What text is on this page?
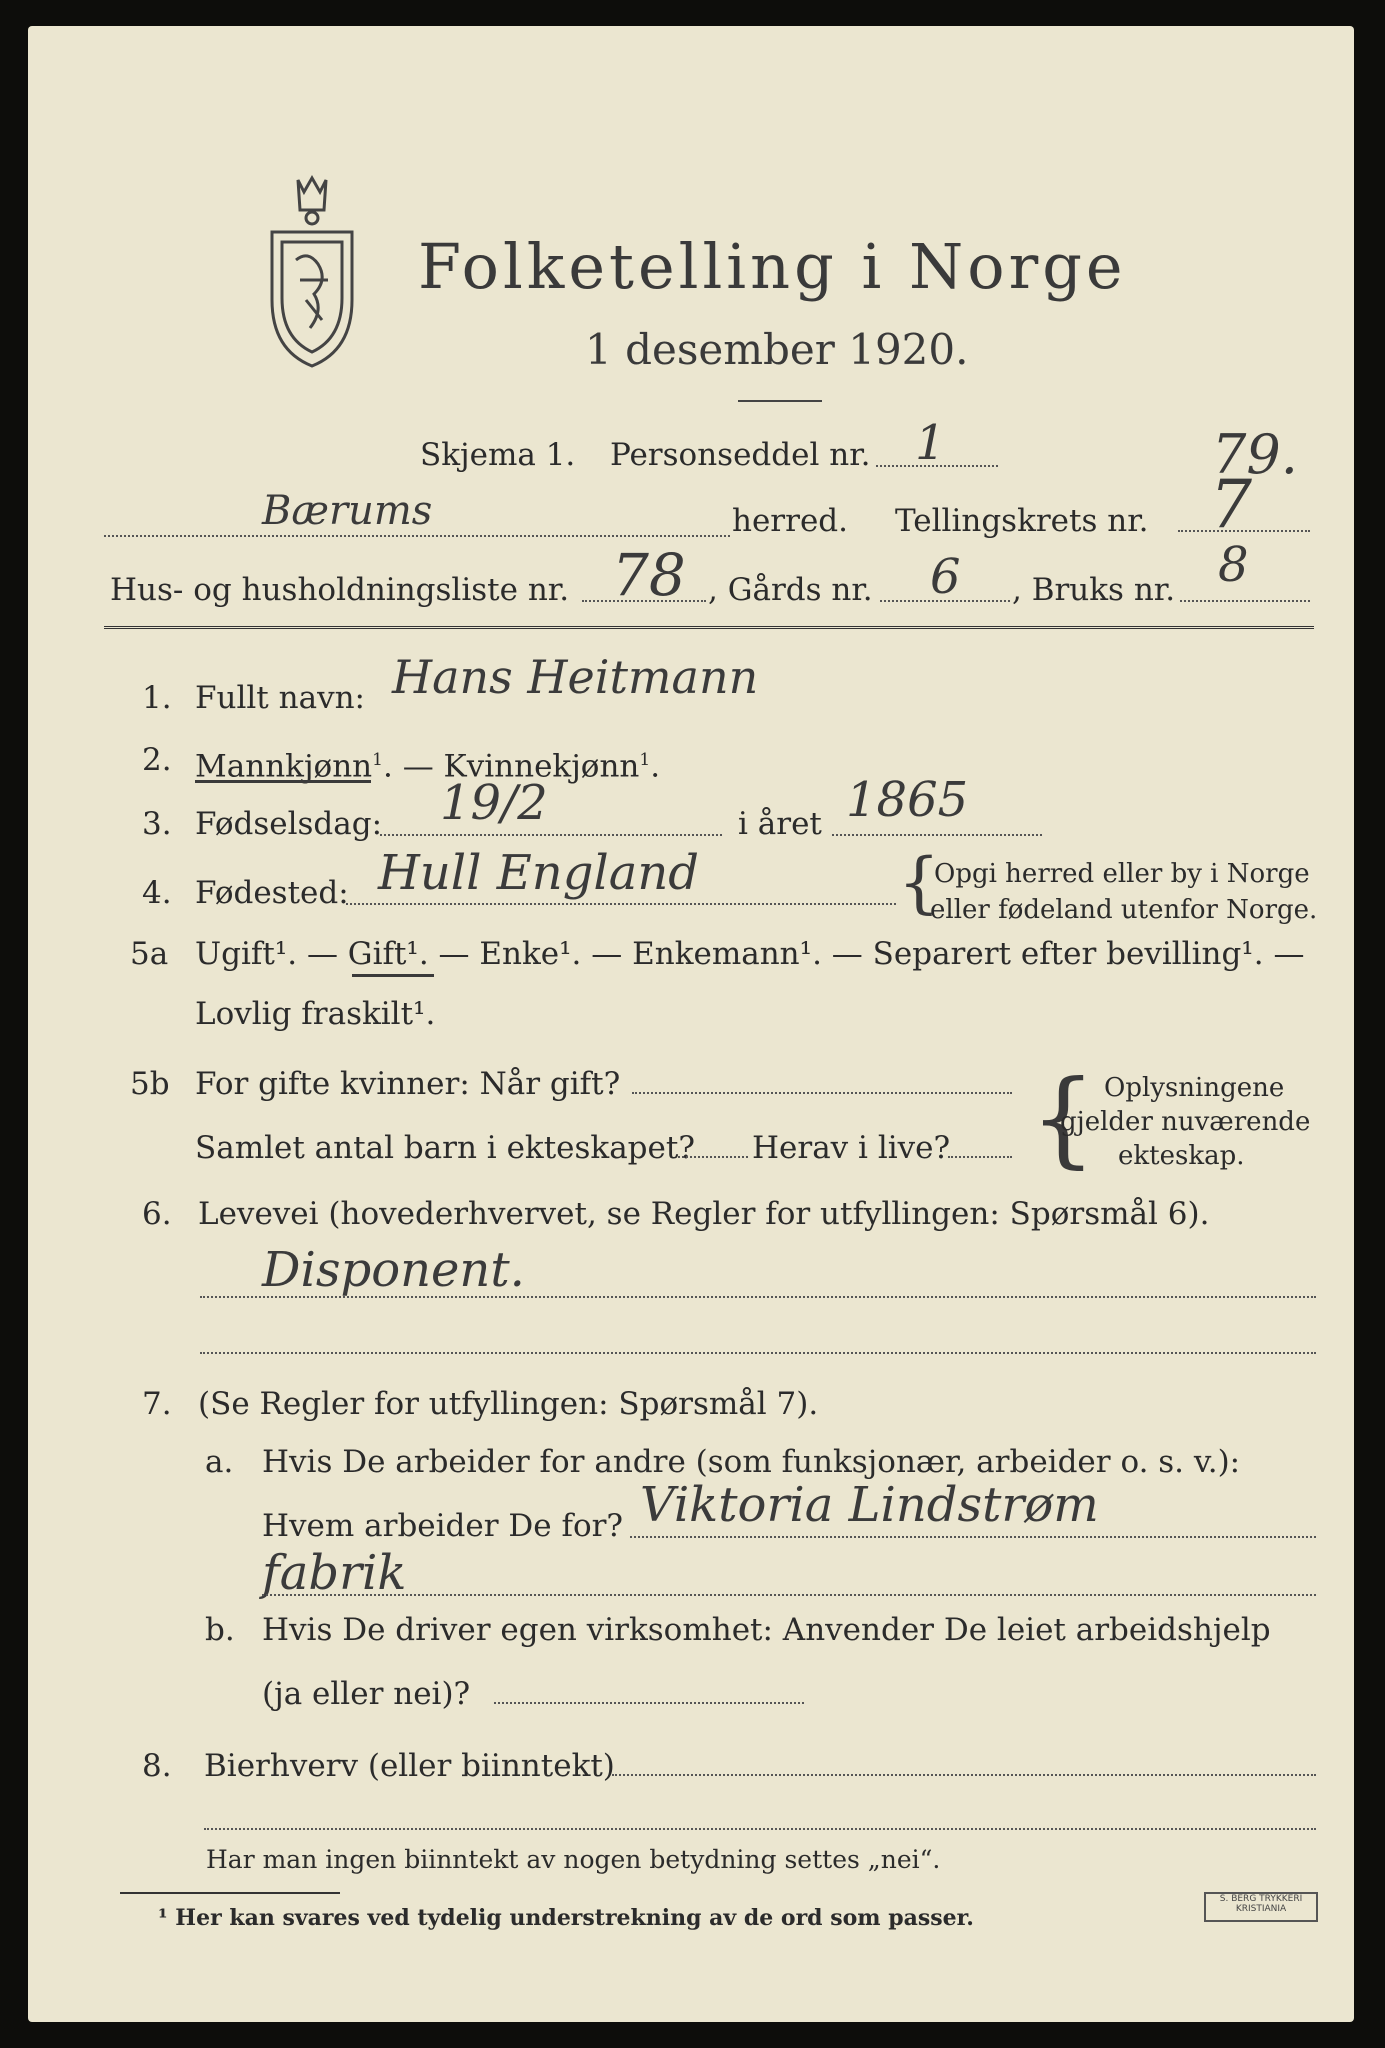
Folketelling i Norge
1 desember 1920.
Skjema 1. Personseddel nr. 1	79.
Bærums	herred. Tellingskrets nr. 7
Hus- og husholdningsliste nr. 78 , Gårds nr. 6 , Bruks nr. 8
1. Fullt navn: Hans Heitmann
2. Mannkjønn$^1$. — Kvinnekjønn$^1$.
3. Fødselsdag: 19/2	i året 1865
4. Fødested: Hull England	{
Opgi herred eller by i Norge
eller fødeland utenfor Norge.
5a Ugift¹. — Gift¹. — Enke¹. — Enkemann¹. — Separert efter bevilling¹. —
Lovlig fraskilt¹.
5b For gifte kvinner: Når gift?
Samlet antal barn i ekteskapet? Herav i live? { Oplysningene
gjelder nuværende
ekteskap.
6. Levevei (hovederhvervet, se Regler for utfyllingen: Spørsmål 6).
Disponent.
7. (Se Regler for utfyllingen: Spørsmål 7).
a. Hvis De arbeider for andre (som funksjonær, arbeider o. s. v.):
Hvem arbeider De for? Viktoria Lindstrøm
fabrik
b. Hvis De driver egen virksomhet: Anvender De leiet arbeidshjelp
(ja eller nei)?
8. Bierhverv (eller biinntekt)
Har man ingen biinntekt av nogen betydning settes „nei“.
¹ Her kan svares ved tydelig understrekning av de ord som passer.
S. BERG TRYKKERI KRISTIANIA
